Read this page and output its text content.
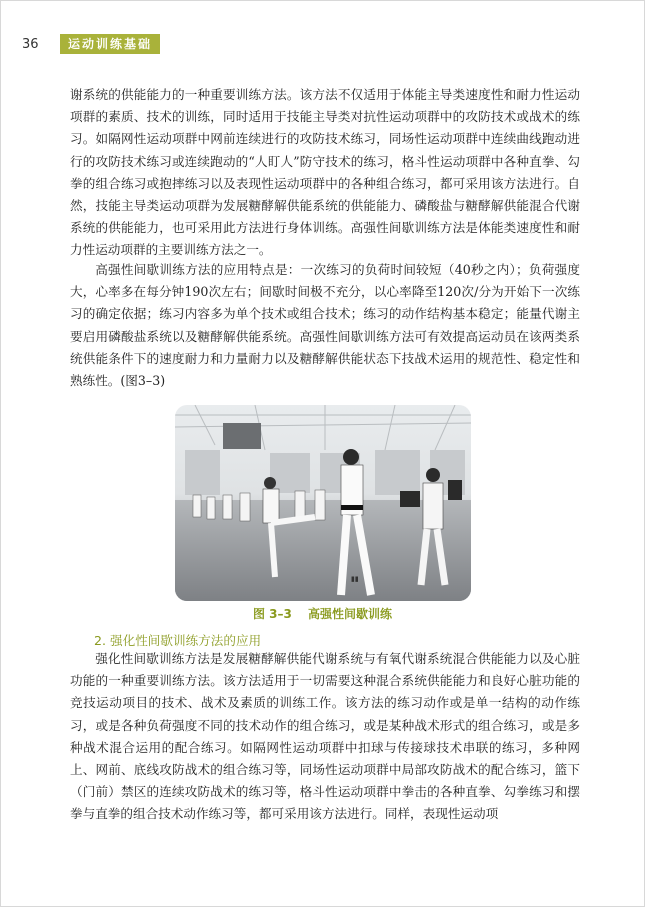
36	运动训练基础

谢系统的供能能力的一种重要训练方法。该方法不仅适用于体能主导类速度性和耐力性运动项群的素质、技术的训练，同时适用于技能主导类对抗性运动项群中的攻防技术或战术的练习。如隔网性运动项群中网前连续进行的攻防技术练习，同场性运动项群中连续曲线跑动进行的攻防技术练习或连续跑动的“人盯人”防守技术的练习，格斗性运动项群中各种直拳、勾拳的组合练习或抱摔练习以及表现性运动项群中的各种组合练习，都可采用该方法进行。自然，技能主导类运动项群为发展糖酵解供能系统的供能能力、磷酸盐与糖酵解供能混合代谢系统的供能能力，也可采用此方法进行身体训练。高强性间歇训练方法是体能类速度性和耐力性运动项群的主要训练方法之一。

高强性间歇训练方法的应用特点是：一次练习的负荷时间较短（40秒之内）；负荷强度大，心率多在每分钟190次左右；间歇时间极不充分，以心率降至120次/分为开始下一次练习的确定依据；练习内容多为单个技术或组合技术；练习的动作结构基本稳定；能量代谢主要启用磷酸盐系统以及糖酵解供能系统。高强性间歇训练方法可有效提高运动员在该两类系统供能条件下的速度耐力和力量耐力以及糖酵解供能状态下技战术运用的规范性、稳定性和熟练性。(图3–3)

▮▮
图 3–3 高强性间歇训练
2. 强化性间歇训练方法的应用

强化性间歇训练方法是发展糖酵解供能代谢系统与有氧代谢系统混合供能能力以及心脏功能的一种重要训练方法。该方法适用于一切需要这种混合系统供能能力和良好心脏功能的竞技运动项目的技术、战术及素质的训练工作。该方法的练习动作或是单一结构的动作练习，或是各种负荷强度不同的技术动作的组合练习，或是某种战术形式的组合练习，或是多种战术混合运用的配合练习。如隔网性运动项群中扣球与传接球技术串联的练习，多种网上、网前、底线攻防战术的组合练习等，同场性运动项群中局部攻防战术的配合练习，篮下（门前）禁区的连续攻防战术的练习等，格斗性运动项群中拳击的各种直拳、勾拳练习和摆拳与直拳的组合技术动作练习等，都可采用该方法进行。同样，表现性运动项
